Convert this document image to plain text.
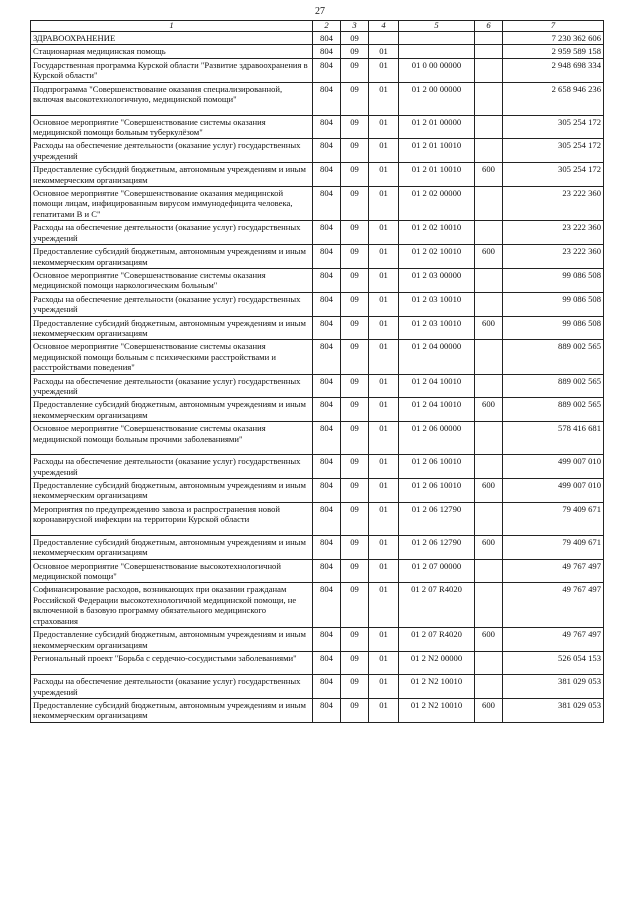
27
1	2	3	4	5	6	7
ЗДРАВООХРАНЕНИЕ	804	09				7 230 362 606
Стационарная медицинская помощь	804	09	01			2 959 589 158
Государственная программа Курской области "Развитие здравоохранения в Курской области"	804	09	01	01 0 00 00000		2 948 698 334
Подпрограмма "Совершенствование оказания специализированной, включая высокотехнологичную, медицинской помощи"	804	09	01	01 2 00 00000		2 658 946 236
Основное мероприятие "Совершенствование системы оказания медицинской помощи больным туберкулёзом"	804	09	01	01 2 01 00000		305 254 172
Расходы на обеспечение деятельности (оказание услуг) государственных учреждений	804	09	01	01 2 01 10010		305 254 172
Предоставление субсидий бюджетным, автономным учреждениям и иным некоммерческим организациям	804	09	01	01 2 01 10010	600	305 254 172
Основное мероприятие "Совершенствование оказания медицинской помощи лицам, инфицированным вирусом иммунодефицита человека, гепатитами В и С"	804	09	01	01 2 02 00000		23 222 360
Расходы на обеспечение деятельности (оказание услуг) государственных учреждений	804	09	01	01 2 02 10010		23 222 360
Предоставление субсидий бюджетным, автономным учреждениям и иным некоммерческим организациям	804	09	01	01 2 02 10010	600	23 222 360
Основное мероприятие "Совершенствование системы оказания медицинской помощи наркологическим больным"	804	09	01	01 2 03 00000		99 086 508
Расходы на обеспечение деятельности (оказание услуг) государственных учреждений	804	09	01	01 2 03 10010		99 086 508
Предоставление субсидий бюджетным, автономным учреждениям и иным некоммерческим организациям	804	09	01	01 2 03 10010	600	99 086 508
Основное мероприятие "Совершенствование системы оказания медицинской помощи больным с психическими расстройствами и расстройствами поведения"	804	09	01	01 2 04 00000		889 002 565
Расходы на обеспечение деятельности (оказание услуг) государственных учреждений	804	09	01	01 2 04 10010		889 002 565
Предоставление субсидий бюджетным, автономным учреждениям и иным некоммерческим организациям	804	09	01	01 2 04 10010	600	889 002 565
Основное мероприятие "Совершенствование системы оказания медицинской помощи больным прочими заболеваниями"	804	09	01	01 2 06 00000		578 416 681
Расходы на обеспечение деятельности (оказание услуг) государственных учреждений	804	09	01	01 2 06 10010		499 007 010
Предоставление субсидий бюджетным, автономным учреждениям и иным некоммерческим организациям	804	09	01	01 2 06 10010	600	499 007 010
Мероприятия по предупреждению завоза и распространения новой коронавирусной инфекции на территории Курской области	804	09	01	01 2 06 12790		79 409 671
Предоставление субсидий бюджетным, автономным учреждениям и иным некоммерческим организациям	804	09	01	01 2 06 12790	600	79 409 671
Основное мероприятие "Совершенствование высокотехнологичной медицинской помощи"	804	09	01	01 2 07 00000		49 767 497
Софинансирование расходов, возникающих при оказании гражданам Российской Федерации высокотехнологичной медицинской помощи, не включенной в базовую программу обязательного медицинского страхования	804	09	01	01 2 07 R4020		49 767 497
Предоставление субсидий бюджетным, автономным учреждениям и иным некоммерческим организациям	804	09	01	01 2 07 R4020	600	49 767 497
Региональный проект "Борьба с сердечно-сосудистыми заболеваниями"	804	09	01	01 2 N2 00000		526 054 153
Расходы на обеспечение деятельности (оказание услуг) государственных учреждений	804	09	01	01 2 N2 10010		381 029 053
Предоставление субсидий бюджетным, автономным учреждениям и иным некоммерческим организациям	804	09	01	01 2 N2 10010	600	381 029 053
